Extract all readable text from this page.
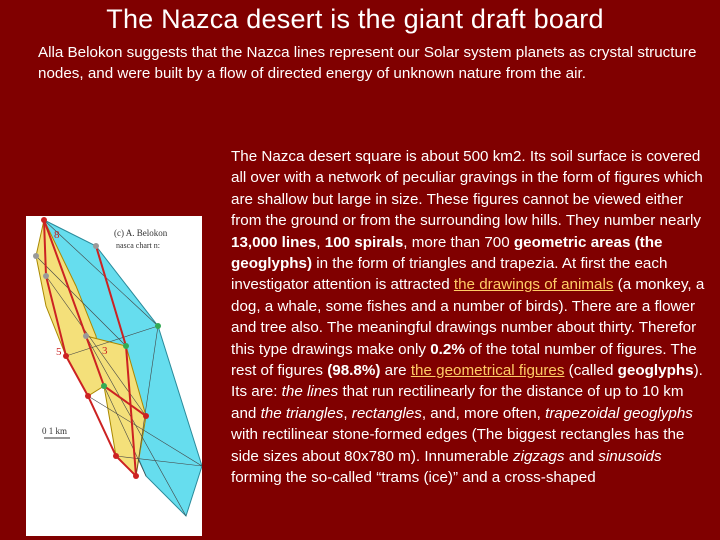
The Nazca desert is the giant draft board
Alla Belokon suggests that the Nazca lines represent our Solar system planets as crystal structure nodes, and were built by a flow of directed energy of unknown nature from the air.
8
5	3
(c) A. Belokon
nasca chart n:
0 1 km
The Nazca desert square is about 500 km2. Its soil surface is covered all over with a network of peculiar gravings in the form of figures which are shallow but large in size. These figures cannot be viewed either from the ground or from the surrounding low hills. They number nearly 13,000 lines, 100 spirals, more than 700 geometric areas (the geoglyphs) in the form of triangles and trapezia. At first the each investigator attention is attracted the drawings of animals (a monkey, a dog, a whale, some fishes and a number of birds). There are a flower and tree also. The meaningful drawings number about thirty. Therefor this type drawings make only 0.2% of the total number of figures. The rest of figures (98.8%) are the geometrical figures (called geoglyphs). Its are: the lines that run rectilinearly for the distance of up to 10 km and the triangles, rectangles, and, more often, trapezoidal geoglyphs with rectilinear stone-formed edges (The biggest rectangles has the side sizes about 80x780 m). Innumerable zigzags and sinusoids forming the so-called “trams (ice)” and a cross-shaped
